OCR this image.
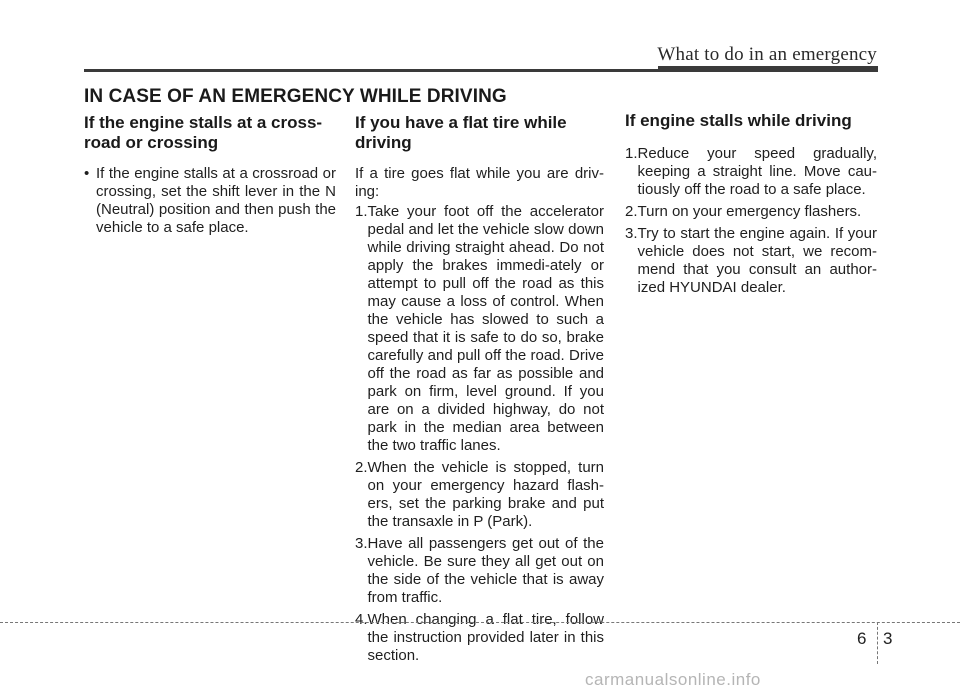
What to do in an emergency
IN CASE OF AN EMERGENCY WHILE DRIVING
If the engine stalls at a cross-road or crossing
• If the engine stalls at a crossroad or crossing, set the shift lever in the N (Neutral) position and then push the vehicle to a safe place.
If you have a flat tire while driving
If a tire goes flat while you are driv-ing:
1. Take your foot off the accelerator pedal and let the vehicle slow down while driving straight ahead. Do not apply the brakes immedi-ately or attempt to pull off the road as this may cause a loss of control. When the vehicle has slowed to such a speed that it is safe to do so, brake carefully and pull off the road. Drive off the road as far as possible and park on firm, level ground. If you are on a divided highway, do not park in the median area between the two traffic lanes.
2. When the vehicle is stopped, turn on your emergency hazard flash-ers, set the parking brake and put the transaxle in P (Park).
3. Have all passengers get out of the vehicle. Be sure they all get out on the side of the vehicle that is away from traffic.
4. When changing a flat tire, follow the instruction provided later in this section.
If engine stalls while driving
1. Reduce your speed gradually, keeping a straight line. Move cau-tiously off the road to a safe place.
2. Turn on your emergency flashers.
3. Try to start the engine again. If your vehicle does not start, we recom-mend that you consult an author-ized HYUNDAI dealer.
6 3
carmanualsonline.info
